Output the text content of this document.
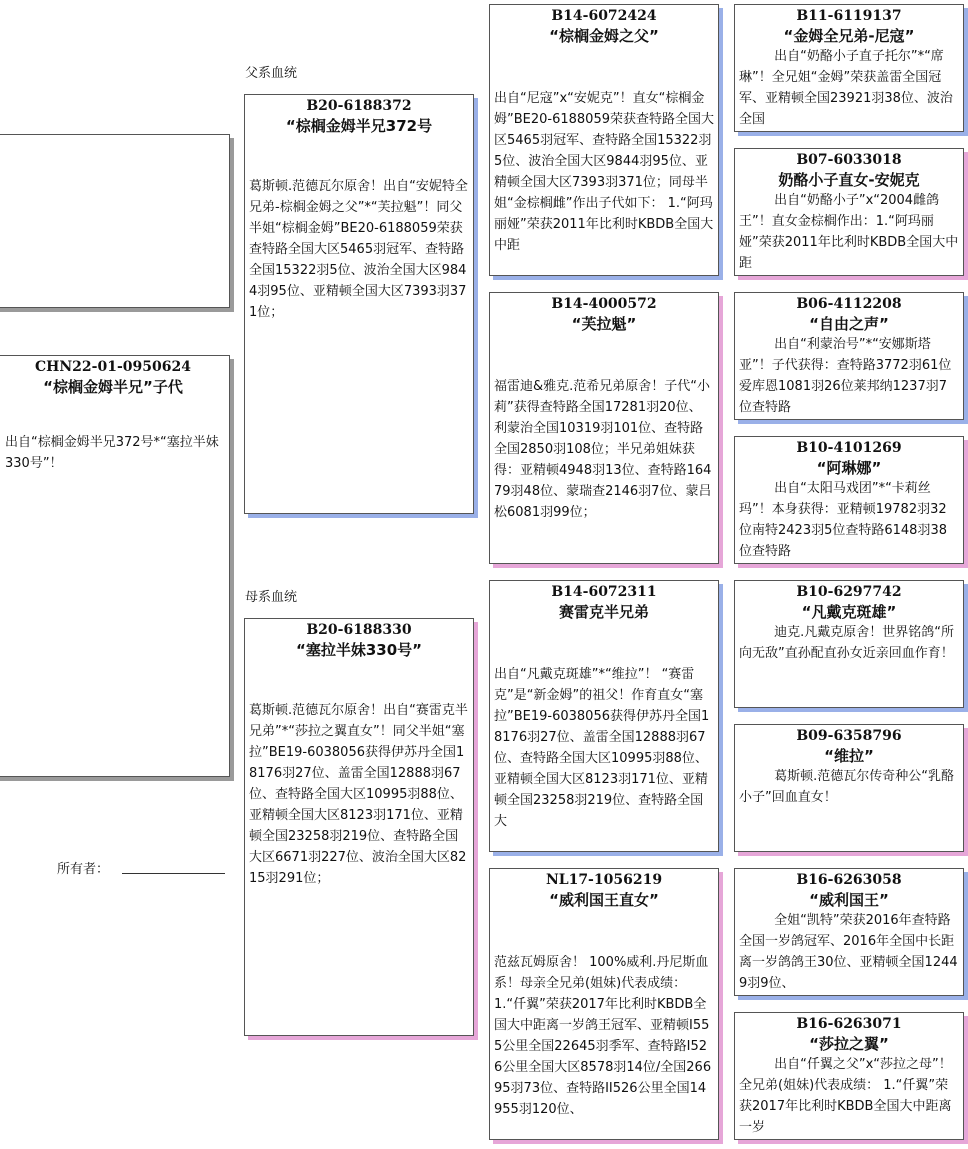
CHN22-01-0950624
“棕榈金姆半兄”子代
出自“棕榈金姆半兄372号*“塞拉半妹330号”！
所有者：
父系血统
母系血统
B20-6188372
“棕榈金姆半兄372号
葛斯顿.范德瓦尔原舍！出自“安妮特全兄弟-棕榈金姆之父”*“芙拉魁”！同父半姐“棕榈金姆”BE20-6188059荣获查特路全国大区5465羽冠军、查特路全国15322羽5位、波治全国大区9844羽95位、亚精顿全国大区7393羽371位；
B20-6188330
“塞拉半妹330号”
葛斯顿.范德瓦尔原舍！出自“赛雷克半兄弟”*“莎拉之翼直女”！同父半姐“塞拉”BE19-6038056获得伊苏丹全国18176羽27位、盖雷全国12888羽67位、查特路全国大区10995羽88位、亚精顿全国大区8123羽171位、亚精顿全国23258羽219位、查特路全国大区6671羽227位、波治全国大区8215羽291位；
B14-6072424
“棕榈金姆之父”
出自“尼寇”x“安妮克”！直女“棕榈金姆”BE20-6188059荣获查特路全国大区5465羽冠军、查特路全国15322羽5位、波治全国大区9844羽95位、亚精顿全国大区7393羽371位；同母半姐“金棕榈雌”作出子代如下： 1.“阿玛丽娅”荣获2011年比利时KBDB全国大中距
B14-4000572
“芙拉魁”
福雷迪&雅克.范希兄弟原舍！子代“小莉”获得查特路全国17281羽20位、利蒙治全国10319羽101位、查特路全国2850羽108位；半兄弟姐妹获得：亚精顿4948羽13位、查特路16479羽48位、蒙瑞查2146羽7位、蒙吕松6081羽99位；
B14-6072311
赛雷克半兄弟
出自“凡戴克斑雄”*“维拉”！ “赛雷克”是“新金姆”的祖父！作育直女“塞拉”BE19-6038056获得伊苏丹全国18176羽27位、盖雷全国12888羽67位、查特路全国大区10995羽88位、亚精顿全国大区8123羽171位、亚精顿全国23258羽219位、查特路全国大
NL17-1056219
“威利国王直女”
范兹瓦姆原舍！ 100%威利.丹尼斯血系！母亲全兄弟(姐妹)代表成绩： 1.“仟翼”荣获2017年比利时KBDB全国大中距离一岁鸽王冠军、亚精顿I555公里全国22645羽季军、查特路I526公里全国大区8578羽14位/全国26695羽73位、查特路II526公里全国14955羽120位、
B11-6119137
“金姆全兄弟-尼寇”
出自“奶酪小子直子托尔”*“席琳”！全兄姐“金姆”荣获盖雷全国冠军、亚精顿全国23921羽38位、波治全国
B07-6033018
奶酪小子直女-安妮克
出自“奶酪小子”x“2004雌鸽王”！直女金棕榈作出：1.“阿玛丽娅”荣获2011年比利时KBDB全国大中距
B06-4112208
“自由之声”
出自“利蒙治号”*“安娜斯塔亚”！子代获得：查特路3772羽61位爱库恩1081羽26位莱邦纳1237羽7位查特路
B10-4101269
“阿琳娜”
出自“太阳马戏团”*“卡莉丝玛”！本身获得：亚精顿19782羽32位南特2423羽5位查特路6148羽38位查特路
B10-6297742
“凡戴克斑雄”
迪克.凡戴克原舍！世界铭鸽“所向无敌”直孙配直孙女近亲回血作育！
B09-6358796
“维拉”
葛斯顿.范德瓦尔传奇种公“乳酪小子”回血直女！
B16-6263058
“威利国王”
全姐“凯特”荣获2016年查特路全国一岁鸽冠军、2016年全国中长距离一岁鸽鸽王30位、亚精顿全国12449羽9位、
B16-6263071
“莎拉之翼”
出自“仟翼之父”x“莎拉之母”！全兄弟(姐妹)代表成绩： 1.“仟翼”荣获2017年比利时KBDB全国大中距离一岁
